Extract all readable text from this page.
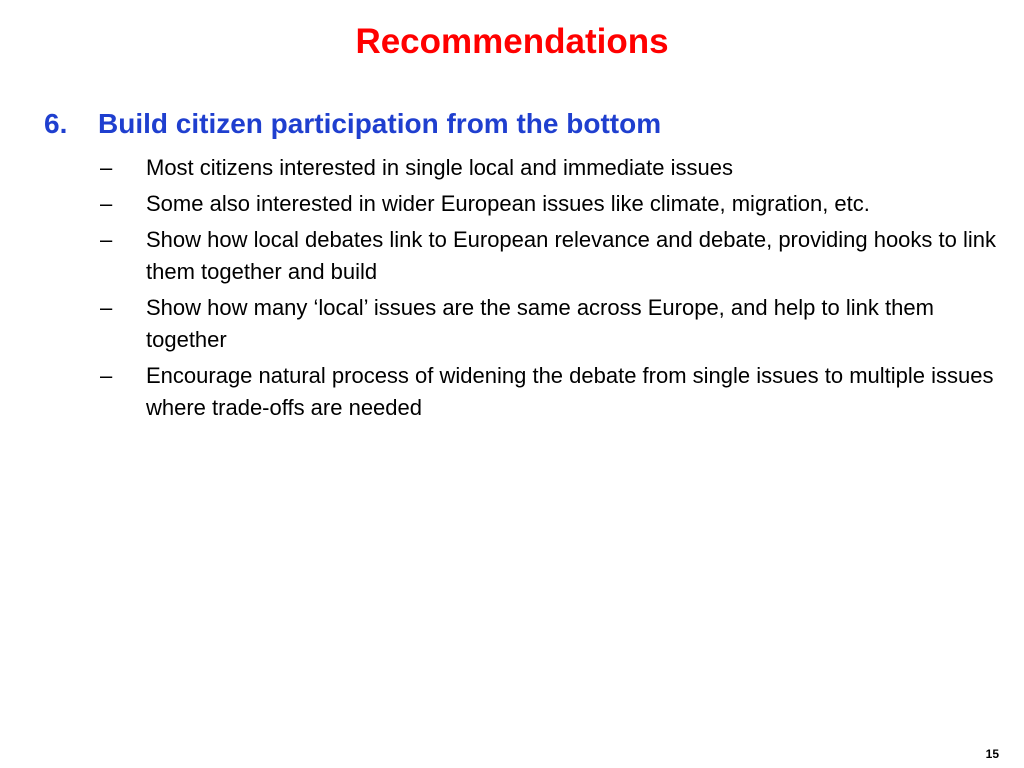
Recommendations
6. Build citizen participation from the bottom
– Most citizens interested in single local and immediate issues
– Some also interested in wider European issues like climate, migration, etc.
– Show how local debates link to European relevance and debate, providing hooks to link them together and build
– Show how many ‘local’ issues are the same across Europe, and help to link them together
– Encourage natural process of widening the debate from single issues to multiple issues where trade-offs are needed
15
